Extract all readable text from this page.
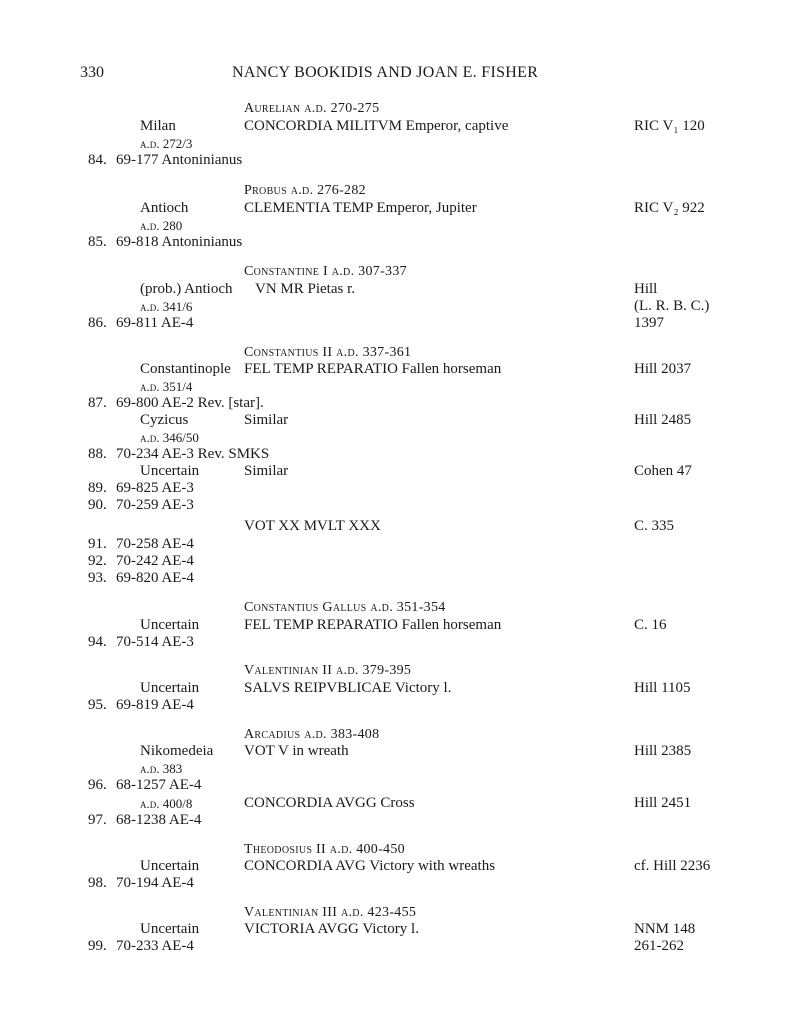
330	NANCY BOOKIDIS AND JOAN E. FISHER
Aurelian a.d. 270-275
Milan	CONCORDIA MILITVM Emperor, captive	RIC V₁ 120
a.d. 272/3
84. 69-177 Antoninianus
Probus a.d. 276-282
Antioch	CLEMENTIA TEMP Emperor, Jupiter	RIC V₂ 922
a.d. 280
85. 69-818 Antoninianus
Constantine I a.d. 307-337
(prob.) Antioch VN MR Pietas r.	Hill
a.d. 341/6	(L. R. B. C.)
86. 69-811 AE-4	1397
Constantius II a.d. 337-361
Constantinople FEL TEMP REPARATIO Fallen horseman	Hill 2037
a.d. 351/4
87. 69-800 AE-2 Rev. [star].
Cyzicus	Similar	Hill 2485
a.d. 346/50
88. 70-234 AE-3 Rev. SMKS
Uncertain	Similar	Cohen 47
89. 69-825 AE-3
90. 70-259 AE-3
VOT XX MVLT XXX	C. 335
91. 70-258 AE-4
92. 70-242 AE-4
93. 69-820 AE-4
Constantius Gallus a.d. 351-354
Uncertain	FEL TEMP REPARATIO Fallen horseman	C. 16
94. 70-514 AE-3
Valentinian II a.d. 379-395
Uncertain	SALVS REIPVBLICAE Victory l.	Hill 1105
95. 69-819 AE-4
Arcadius a.d. 383-408
Nikomedeia VOT V in wreath	Hill 2385
a.d. 383
96. 68-1257 AE-4
a.d. 400/8	CONCORDIA AVGG Cross	Hill 2451
97. 68-1238 AE-4
Theodosius II a.d. 400-450
Uncertain	CONCORDIA AVG Victory with wreaths	cf. Hill 2236
98. 70-194 AE-4
Valentinian III a.d. 423-455
Uncertain	VICTORIA AVGG Victory l.	NNM 148
99. 70-233 AE-4	261-262
